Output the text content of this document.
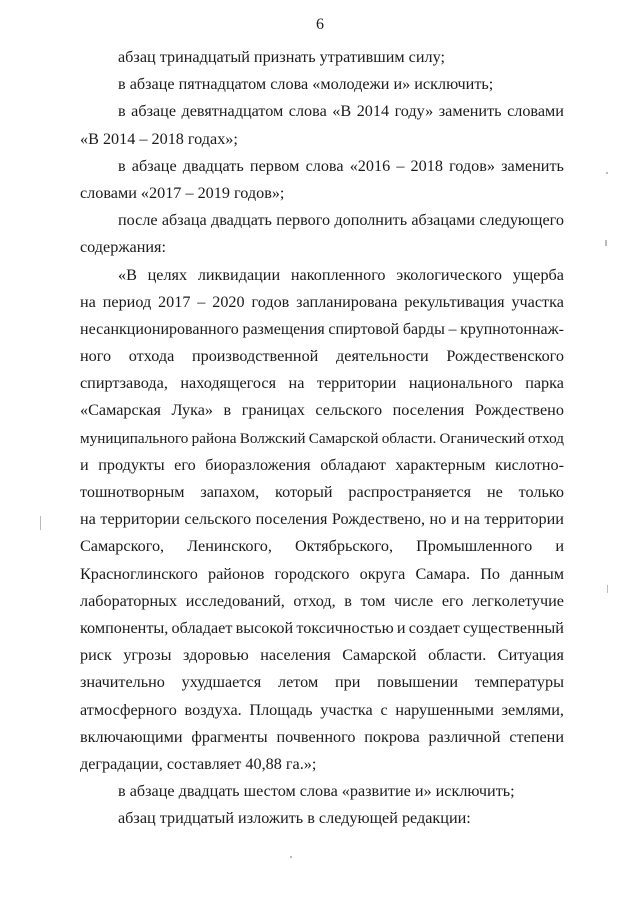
6
абзац тринадцатый признать утратившим силу;
в абзаце пятнадцатом слова «молодежи и» исключить;
в абзаце девятнадцатом слова «В 2014 году» заменить словами
«В 2014 – 2018 годах»;
в абзаце двадцать первом слова «2016 – 2018 годов» заменить
словами «2017 – 2019 годов»;
после абзаца двадцать первого дополнить абзацами следующего
содержания:
«В целях ликвидации накопленного экологического ущерба
на период 2017 – 2020 годов запланирована рекультивация участка
несанкционированного размещения спиртовой барды – крупнотоннаж-
ного отхода производственной деятельности Рождественского
спиртзавода, находящегося на территории национального парка
«Самарская Лука» в границах сельского поселения Рождествено
муниципального района Волжский Самарской области. Оганический отход
и продукты его биоразложения обладают характерным кислотно-
тошнотворным запахом, который распространяется не только
на территории сельского поселения Рождествено, но и на территории
Самарского, Ленинского, Октябрьского, Промышленного и
Красноглинского районов городского округа Самара. По данным
лабораторных исследований, отход, в том числе его легкoлетучие
компоненты, обладает высокой токсичностью и создает существенный
риск угрозы здоровью населения Самарской области. Ситуация
значительно ухудшается летом при повышении температуры
атмосферного воздуха. Площадь участка с нарушенными землями,
включающими фрагменты почвенного покрова различной степени
деградации, составляет 40,88 га.»;
в абзаце двадцать шестом слова «развитие и» исключить;
абзац тридцатый изложить в следующей редакции:
